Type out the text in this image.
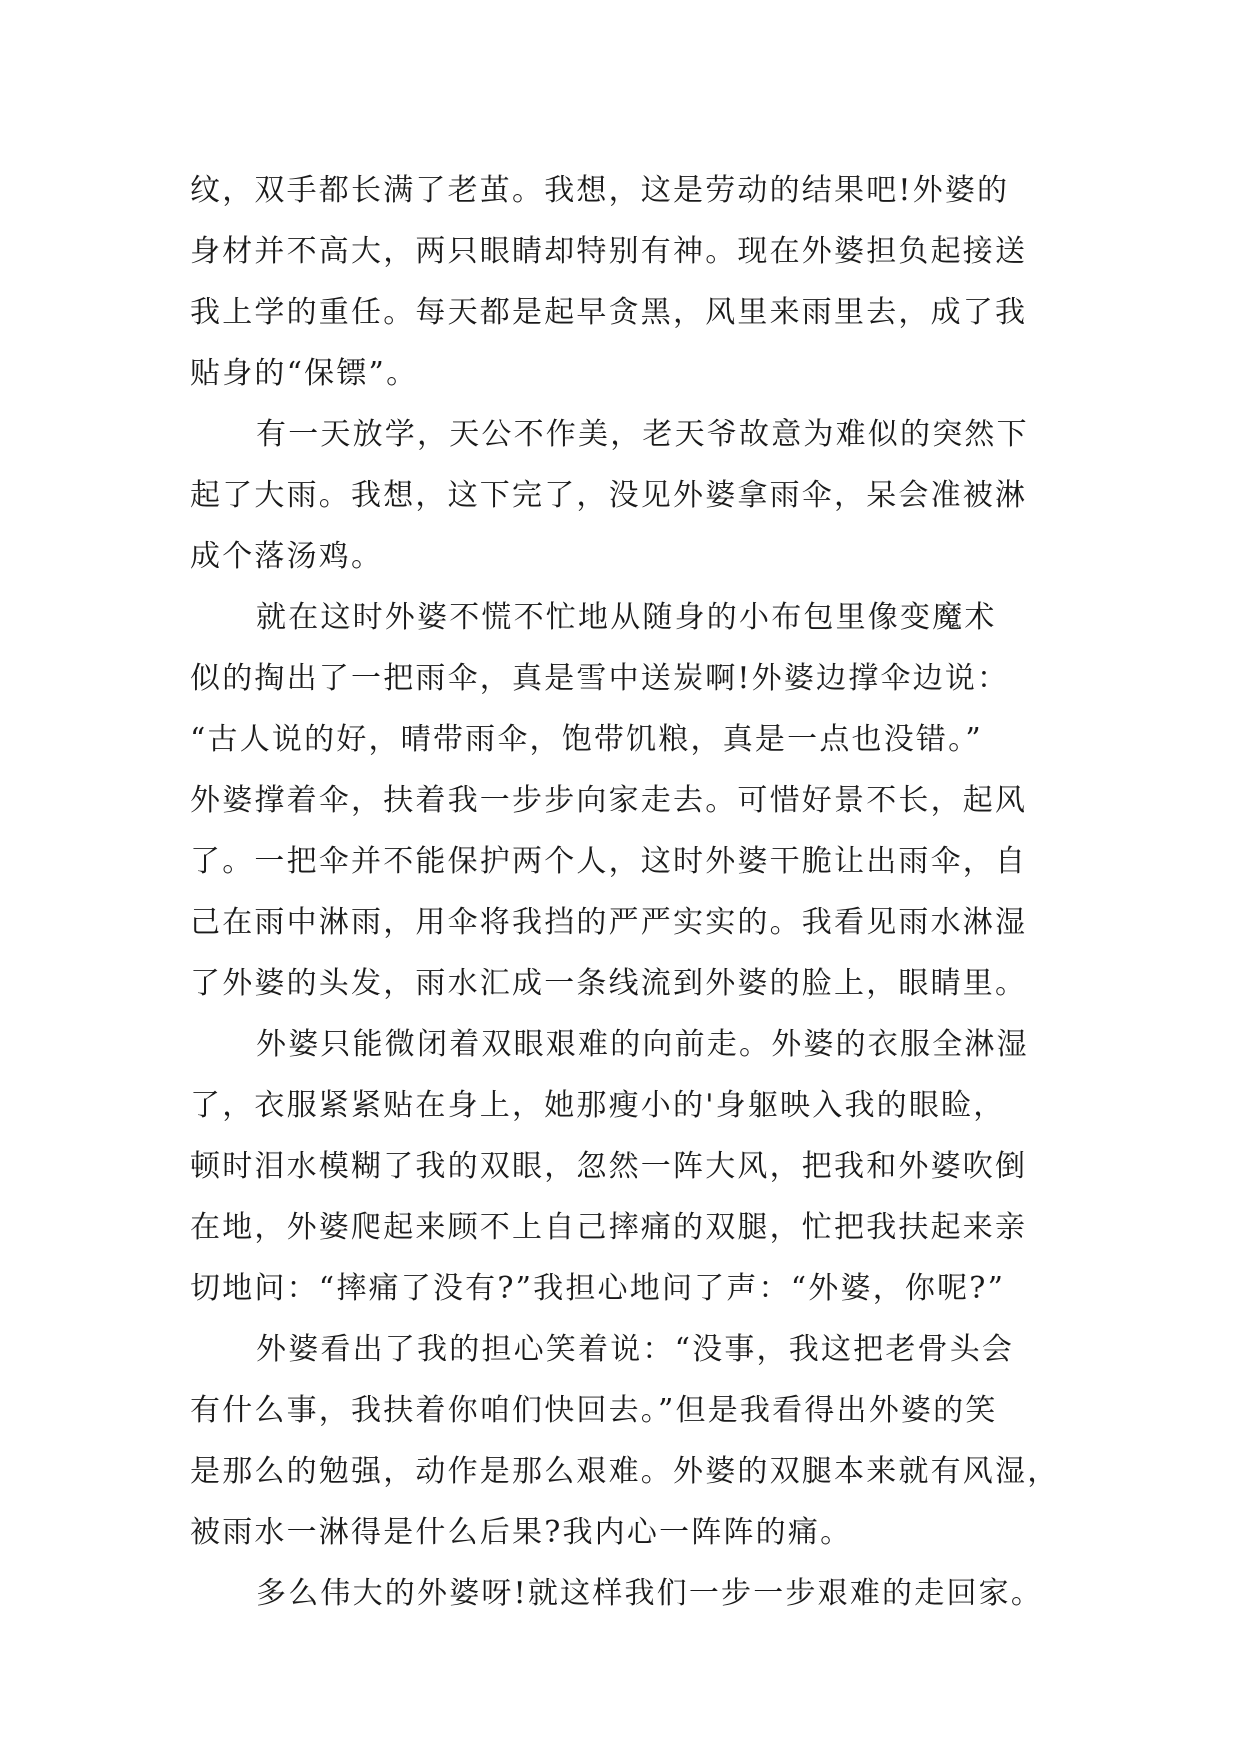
纹，双手都长满了老茧。我想，这是劳动的结果吧!外婆的
身材并不高大，两只眼睛却特别有神。现在外婆担负起接送
我上学的重任。每天都是起早贪黑，风里来雨里去，成了我
贴身的“保镖”。
有一天放学，天公不作美，老天爷故意为难似的突然下
起了大雨。我想，这下完了，没见外婆拿雨伞，呆会准被淋
成个落汤鸡。
就在这时外婆不慌不忙地从随身的小布包里像变魔术
似的掏出了一把雨伞，真是雪中送炭啊!外婆边撑伞边说：
“古人说的好，晴带雨伞，饱带饥粮，真是一点也没错。”
外婆撑着伞，扶着我一步步向家走去。可惜好景不长，起风
了。一把伞并不能保护两个人，这时外婆干脆让出雨伞，自
己在雨中淋雨，用伞将我挡的严严实实的。我看见雨水淋湿
了外婆的头发，雨水汇成一条线流到外婆的脸上，眼睛里。
外婆只能微闭着双眼艰难的向前走。外婆的衣服全淋湿
了，衣服紧紧贴在身上，她那瘦小的'身躯映入我的眼睑，
顿时泪水模糊了我的双眼，忽然一阵大风，把我和外婆吹倒
在地，外婆爬起来顾不上自己摔痛的双腿，忙把我扶起来亲
切地问：“摔痛了没有?”我担心地问了声：“外婆，你呢?”
外婆看出了我的担心笑着说：“没事，我这把老骨头会
有什么事，我扶着你咱们快回去。”但是我看得出外婆的笑
是那么的勉强，动作是那么艰难。外婆的双腿本来就有风湿，
被雨水一淋得是什么后果?我内心一阵阵的痛。
多么伟大的外婆呀!就这样我们一步一步艰难的走回家。
